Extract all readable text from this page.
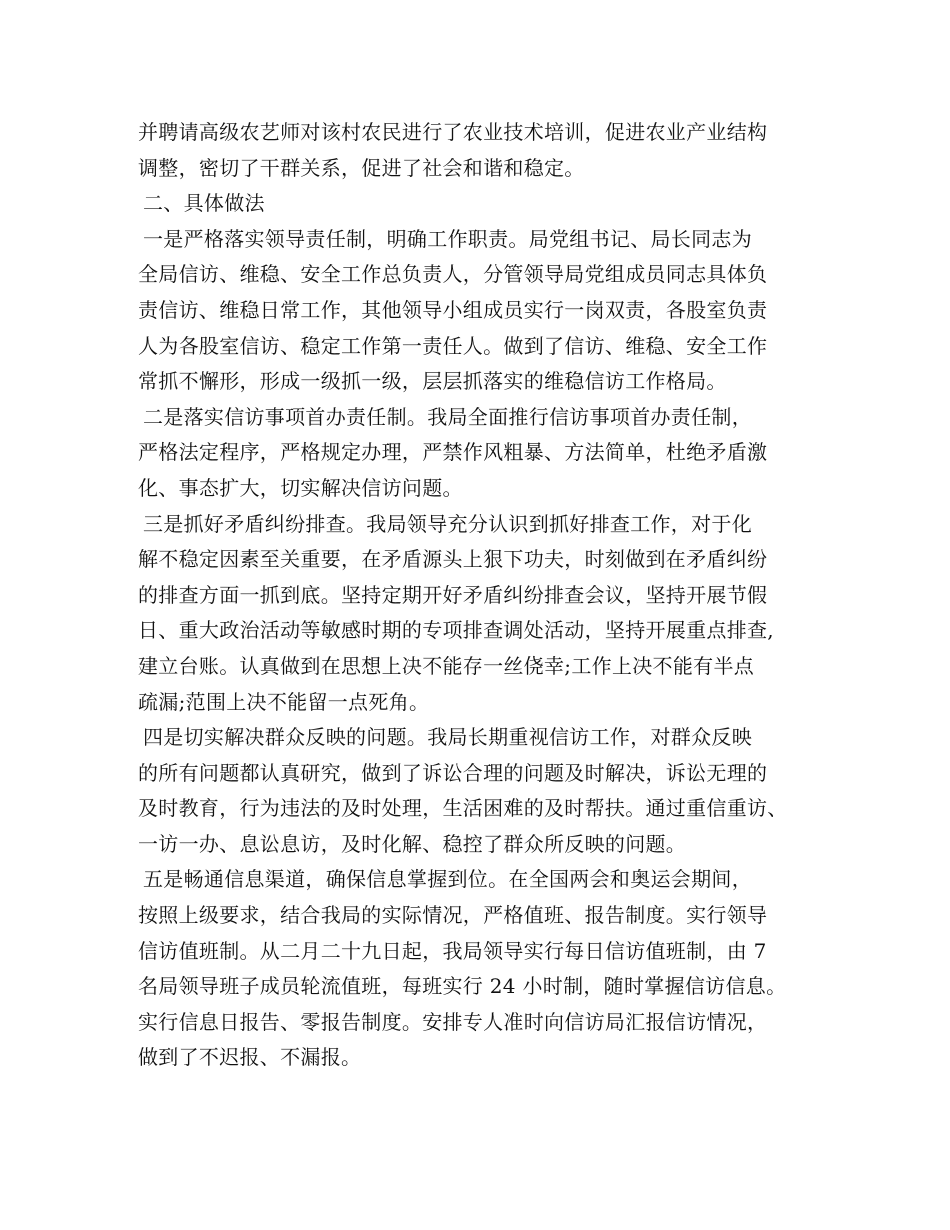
并聘请高级农艺师对该村农民进行了农业技术培训，促进农业产业结构
调整，密切了干群关系，促进了社会和谐和稳定。
二、具体做法
一是严格落实领导责任制，明确工作职责。局党组书记、局长同志为
全局信访、维稳、安全工作总负责人，分管领导局党组成员同志具体负
责信访、维稳日常工作，其他领导小组成员实行一岗双责，各股室负责
人为各股室信访、稳定工作第一责任人。做到了信访、维稳、安全工作
常抓不懈形，形成一级抓一级，层层抓落实的维稳信访工作格局。
二是落实信访事项首办责任制。我局全面推行信访事项首办责任制，
严格法定程序，严格规定办理，严禁作风粗暴、方法简单，杜绝矛盾激
化、事态扩大，切实解决信访问题。
三是抓好矛盾纠纷排查。我局领导充分认识到抓好排查工作，对于化
解不稳定因素至关重要，在矛盾源头上狠下功夫，时刻做到在矛盾纠纷
的排查方面一抓到底。坚持定期开好矛盾纠纷排查会议，坚持开展节假
日、重大政治活动等敏感时期的专项排查调处活动，坚持开展重点排查,
建立台账。认真做到在思想上决不能存一丝侥幸;工作上决不能有半点
疏漏;范围上决不能留一点死角。
四是切实解决群众反映的问题。我局长期重视信访工作，对群众反映
的所有问题都认真研究，做到了诉讼合理的问题及时解决，诉讼无理的
及时教育，行为违法的及时处理，生活困难的及时帮扶。通过重信重访、
一访一办、息讼息访，及时化解、稳控了群众所反映的问题。
五是畅通信息渠道，确保信息掌握到位。在全国两会和奥运会期间，
按照上级要求，结合我局的实际情况，严格值班、报告制度。实行领导
信访值班制。从二月二十九日起，我局领导实行每日信访值班制，由 7
名局领导班子成员轮流值班，每班实行 24 小时制，随时掌握信访信息。
实行信息日报告、零报告制度。安排专人准时向信访局汇报信访情况，
做到了不迟报、不漏报。
